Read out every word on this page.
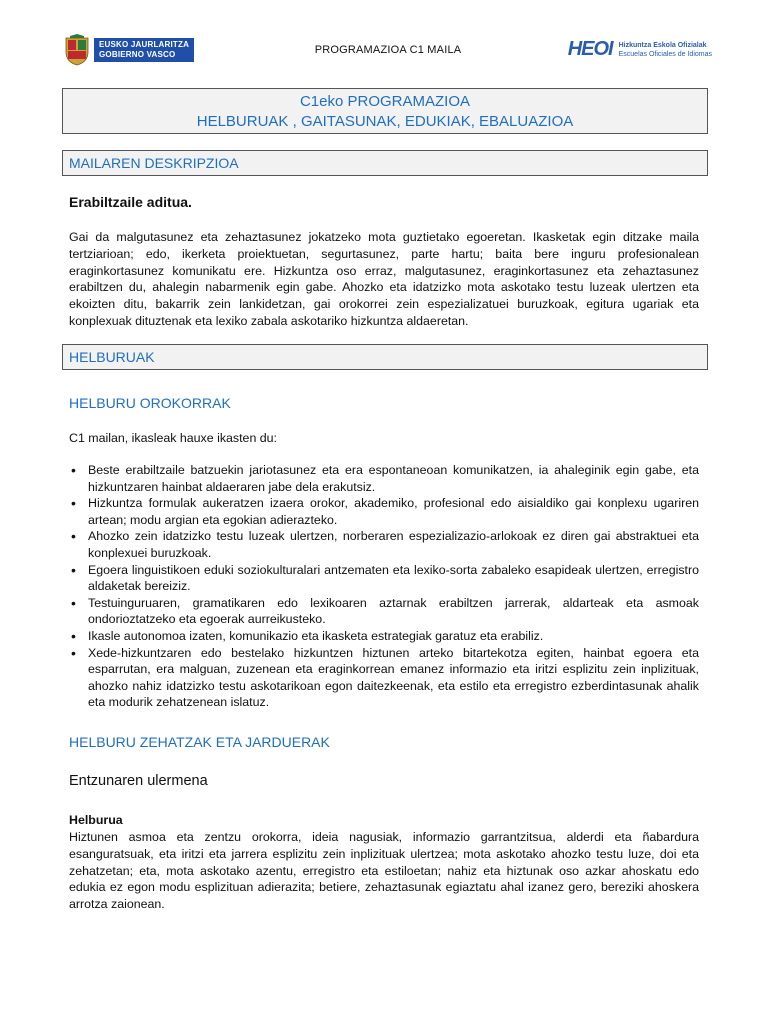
EUSKO JAURLARITZA
GOBIERNO VASCO	PROGRAMAZIOA C1 MAILA	HEOI Hizkuntza Eskola Ofizialak
Escuelas Oficiales de Idiomas
C1eko PROGRAMAZIOA
HELBURUAK , GAITASUNAK, EDUKIAK, EBALUAZIOA
MAILAREN DESKRIPZIOA
Erabiltzaile aditua.
Gai da malgutasunez eta zehaztasunez jokatzeko mota guztietako egoeretan. Ikasketak egin ditzake maila tertziarioan; edo, ikerketa proiektuetan, segurtasunez, parte hartu; baita bere inguru profesionalean eraginkortasunez komunikatu ere. Hizkuntza oso erraz, malgutasunez, eraginkortasunez eta zehaztasunez erabiltzen du, ahalegin nabarmenik egin gabe. Ahozko eta idatzizko mota askotako testu luzeak ulertzen eta ekoizten ditu, bakarrik zein lankidetzan, gai orokorrei zein espezializatuei buruzkoak, egitura ugariak eta konplexuak dituztenak eta lexiko zabala askotariko hizkuntza aldaeretan.
HELBURUAK
HELBURU OROKORRAK
C1 mailan, ikasleak hauxe ikasten du:
• Beste erabiltzaile batzuekin jariotasunez eta era espontaneoan komunikatzen, ia ahaleginik egin gabe, eta hizkuntzaren hainbat aldaeraren jabe dela erakutsiz.
• Hizkuntza formulak aukeratzen izaera orokor, akademiko, profesional edo aisialdiko gai konplexu ugariren artean; modu argian eta egokian adierazteko.
• Ahozko zein idatzizko testu luzeak ulertzen, norberaren espezializazio-arlokoak ez diren gai abstraktuei eta konplexuei buruzkoak.
• Egoera linguistikoen eduki soziokulturalari antzematen eta lexiko-sorta zabaleko esapideak ulertzen, erregistro aldaketak bereiziz.
• Testuinguruaren, gramatikaren edo lexikoaren aztarnak erabiltzen jarrerak, aldarteak eta asmoak ondorioztatzeko eta egoerak aurreikusteko.
• Ikasle autonomoa izaten, komunikazio eta ikasketa estrategiak garatuz eta erabiliz.
• Xede-hizkuntzaren edo bestelako hizkuntzen hiztunen arteko bitartekotza egiten, hainbat egoera eta esparrutan, era malguan, zuzenean eta eraginkorrean emanez informazio eta iritzi esplizitu zein inplizituak, ahozko nahiz idatzizko testu askotarikoan egon daitezkeenak, eta estilo eta erregistro ezberdintasunak ahalik eta modurik zehatzenean islatuz.
HELBURU ZEHATZAK ETA JARDUERAK
Entzunaren ulermena
Helburua
Hiztunen asmoa eta zentzu orokorra, ideia nagusiak, informazio garrantzitsua, alderdi eta ñabardura esanguratsuak, eta iritzi eta jarrera esplizitu zein inplizituak ulertzea; mota askotako ahozko testu luze, doi eta zehatzetan; eta, mota askotako azentu, erregistro eta estiloetan; nahiz eta hiztunak oso azkar ahoskatu edo edukia ez egon modu esplizituan adierazita; betiere, zehaztasunak egiaztatu ahal izanez gero, bereziki ahoskera arrotza zaionean.
